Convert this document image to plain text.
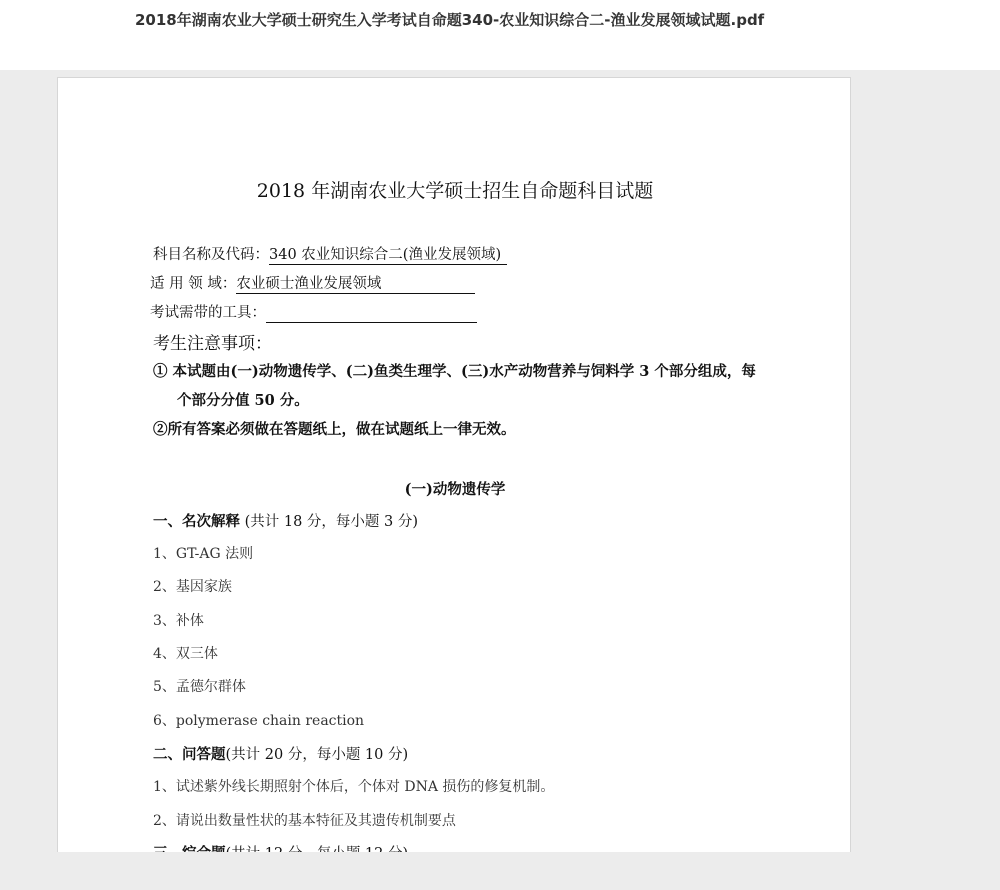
2018年湖南农业大学硕士研究生入学考试自命题340-农业知识综合二-渔业发展领域试题.pdf
2018 年湖南农业大学硕士招生自命题科目试题
科目名称及代码：340 农业知识综合二(渔业发展领域)
适 用 领 域：农业硕士渔业发展领域
考试需带的工具：
考生注意事项：
① 本试题由(一)动物遗传学、(二)鱼类生理学、(三)水产动物营养与饲料学 3 个部分组成，每
个部分分值 50 分。
②所有答案必须做在答题纸上，做在试题纸上一律无效。
(一)动物遗传学
一、名次解释 (共计 18 分，每小题 3 分)
1、GT-AG 法则
2、基因家族
3、补体
4、双三体
5、孟德尔群体
6、polymerase chain reaction
二、问答题(共计 20 分，每小题 10 分)
1、试述紫外线长期照射个体后，个体对 DNA 损伤的修复机制。
2、请说出数量性状的基本特征及其遗传机制要点
